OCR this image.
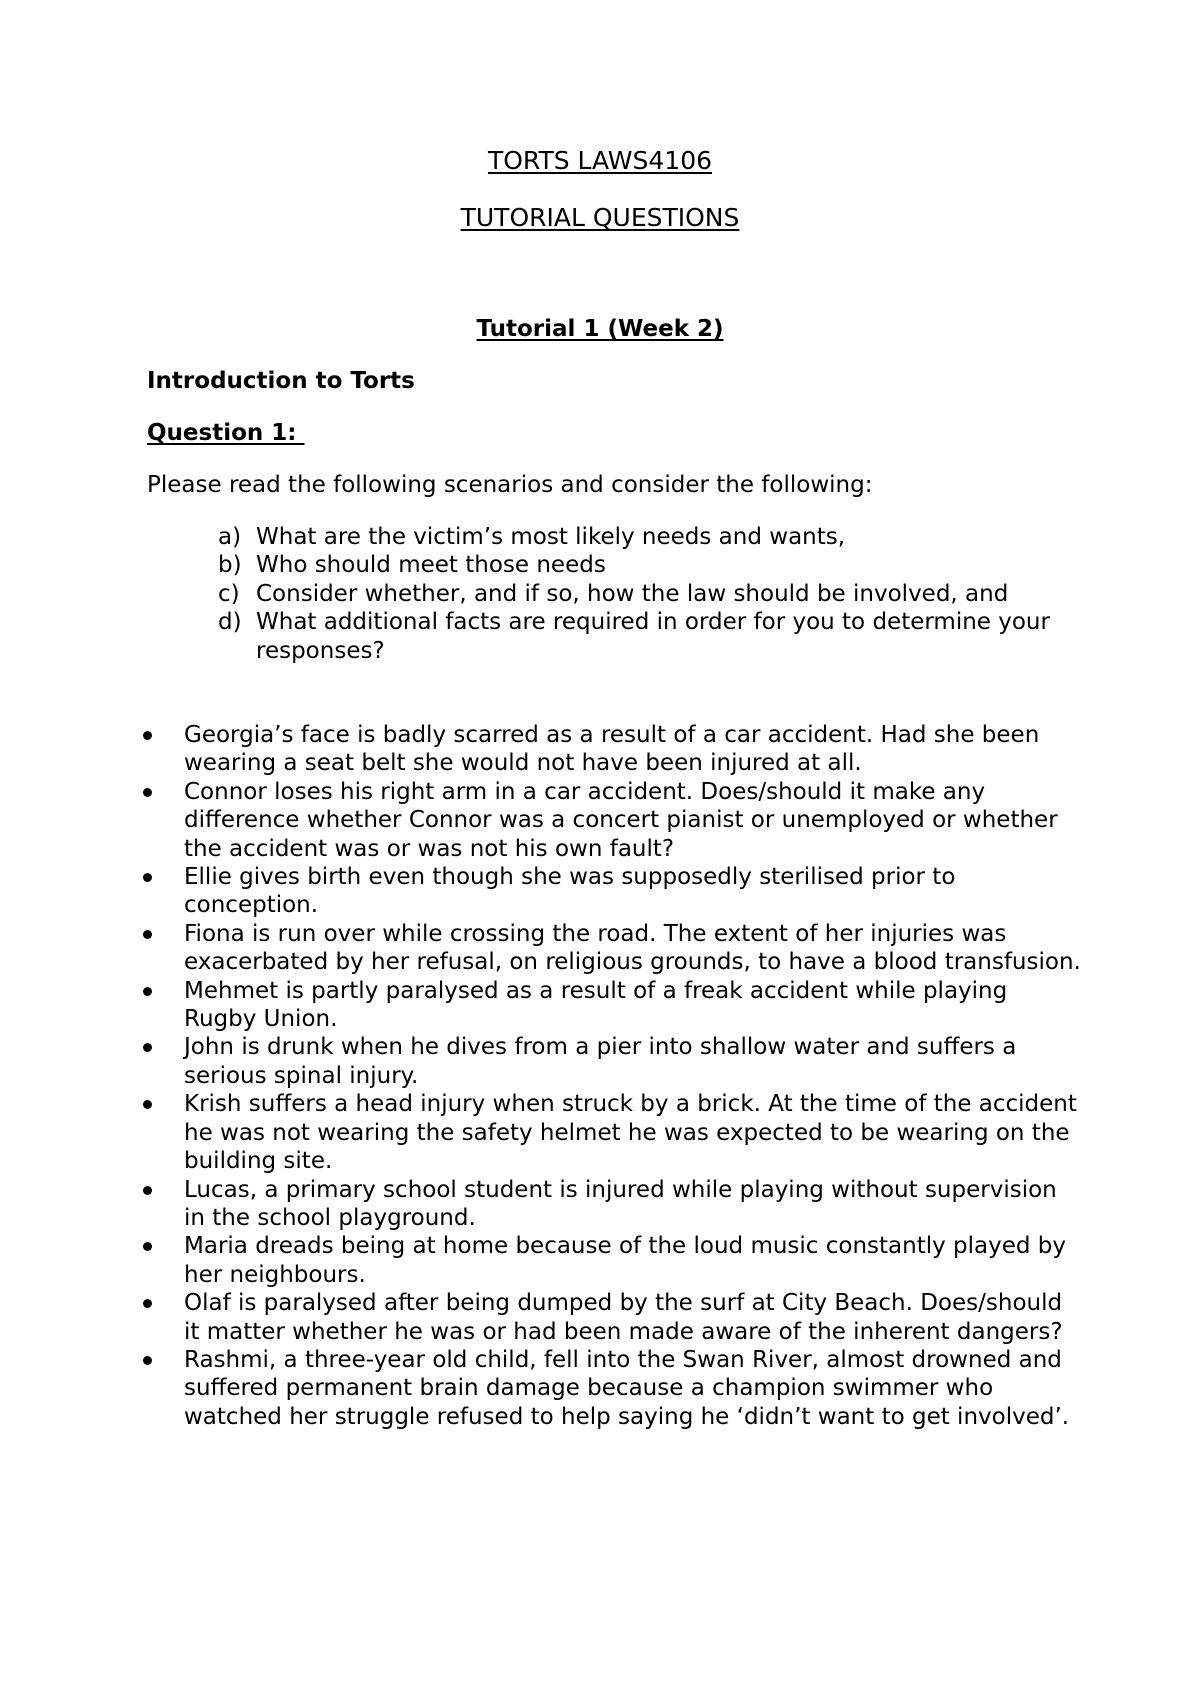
TORTS LAWS4106
TUTORIAL QUESTIONS
Tutorial 1 (Week 2)

Introduction to Torts

Question 1:

Please read the following scenarios and consider the following:

a) What are the victim’s most likely needs and wants,
b) Who should meet those needs
c) Consider whether, and if so, how the law should be involved, and
d) What additional facts are required in order for you to determine your responses?
Georgia’s face is badly scarred as a result of a car accident. Had she been wearing a seat belt she would not have been injured at all.
Connor loses his right arm in a car accident. Does/should it make any difference whether Connor was a concert pianist or unemployed or whether the accident was or was not his own fault?
Ellie gives birth even though she was supposedly sterilised prior to conception.
Fiona is run over while crossing the road. The extent of her injuries was exacerbated by her refusal, on religious grounds, to have a blood transfusion.
Mehmet is partly paralysed as a result of a freak accident while playing Rugby Union.
John is drunk when he dives from a pier into shallow water and suffers a serious spinal injury.
Krish suffers a head injury when struck by a brick. At the time of the accident he was not wearing the safety helmet he was expected to be wearing on the building site.
Lucas, a primary school student is injured while playing without supervision in the school playground.
Maria dreads being at home because of the loud music constantly played by her neighbours.
Olaf is paralysed after being dumped by the surf at City Beach. Does/should it matter whether he was or had been made aware of the inherent dangers?
Rashmi, a three-year old child, fell into the Swan River, almost drowned and suffered permanent brain damage because a champion swimmer who watched her struggle refused to help saying he ‘didn’t want to get involved’.
